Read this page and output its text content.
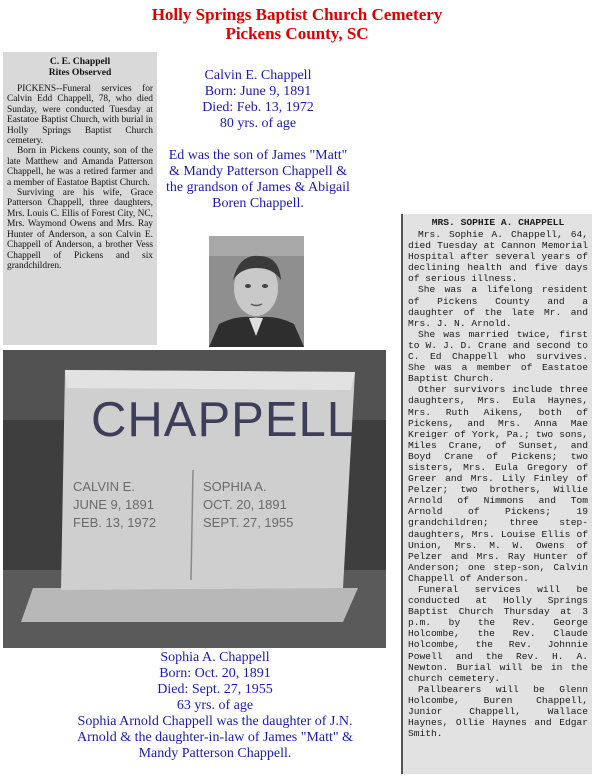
Holly Springs Baptist Church Cemetery
Pickens County, SC
C. E. Chappell
Rites Observed

PICKENS--Funeral services for Calvin Edd Chappell, 78, who died Sunday, were conducted Tuesday at Eastatoe Baptist Church, with burial in Holly Springs Baptist Church cemetery.

Born in Pickens county, son of the late Matthew and Amanda Patterson Chappell, he was a retired farmer and a member of Eastatoe Baptist Church.

Surviving are his wife, Grace Patterson Chappell, three daughters, Mrs. Louis C. Ellis of Forest City, NC, Mrs. Waymond Owens and Mrs. Ray Hunter of Anderson, a son Calvin E. Chappell of Anderson, a brother Vess Chappell of Pickens and six grandchildren.

Calvin E. Chappell
Born: June 9, 1891
Died: Feb. 13, 1972
80 yrs. of age
Ed was the son of James "Matt" & Mandy Patterson Chappell & the grandson of James & Abigail Boren Chappell.
CHAPPELL
CALVIN E.
JUNE 9, 1891
FEB. 13, 1972
SOPHIA A.
OCT. 20, 1891
SEPT. 27, 1955
Sophia A. Chappell
Born: Oct. 20, 1891
Died: Sept. 27, 1955
63 yrs. of age
Sophia Arnold Chappell was the daughter of J.N. Arnold & the daughter-in-law of James "Matt" & Mandy Patterson Chappell.
MRS. SOPHIE A. CHAPPELL

Mrs. Sophie A. Chappell, 64, died Tuesday at Cannon Memorial Hospital after several years of declining health and five days of serious illness.

She was a lifelong resident of Pickens County and a daughter of the late Mr. and Mrs. J. N. Arnold.

She was married twice, first to W. J. D. Crane and second to C. Ed Chappell who survives. She was a member of Eastatoe Baptist Church.

Other survivors include three daughters, Mrs. Eula Haynes, Mrs. Ruth Aikens, both of Pickens, and Mrs. Anna Mae Kreiger of York, Pa.; two sons, Miles Crane, of Sunset, and Boyd Crane of Pickens; two sisters, Mrs. Eula Gregory of Greer and Mrs. Lily Finley of Pelzer; two brothers, Willie Arnold of Nimmons and Tom Arnold of Pickens; 19 grandchildren; three step-daughters, Mrs. Louise Ellis of Union, Mrs. M. W. Owens of Pelzer and Mrs. Ray Hunter of Anderson; one step-son, Calvin Chappell of Anderson.

Funeral services will be conducted at Holly Springs Baptist Church Thursday at 3 p.m. by the Rev. George Holcombe, the Rev. Claude Holcombe, the Rev. Johnnie Powell and the Rev. H. A. Newton. Burial will be in the church cemetery.

Pallbearers will be Glenn Holcombe, Buren Chappell, Junior Chappell, Wallace Haynes, Ollie Haynes and Edgar Smith.
